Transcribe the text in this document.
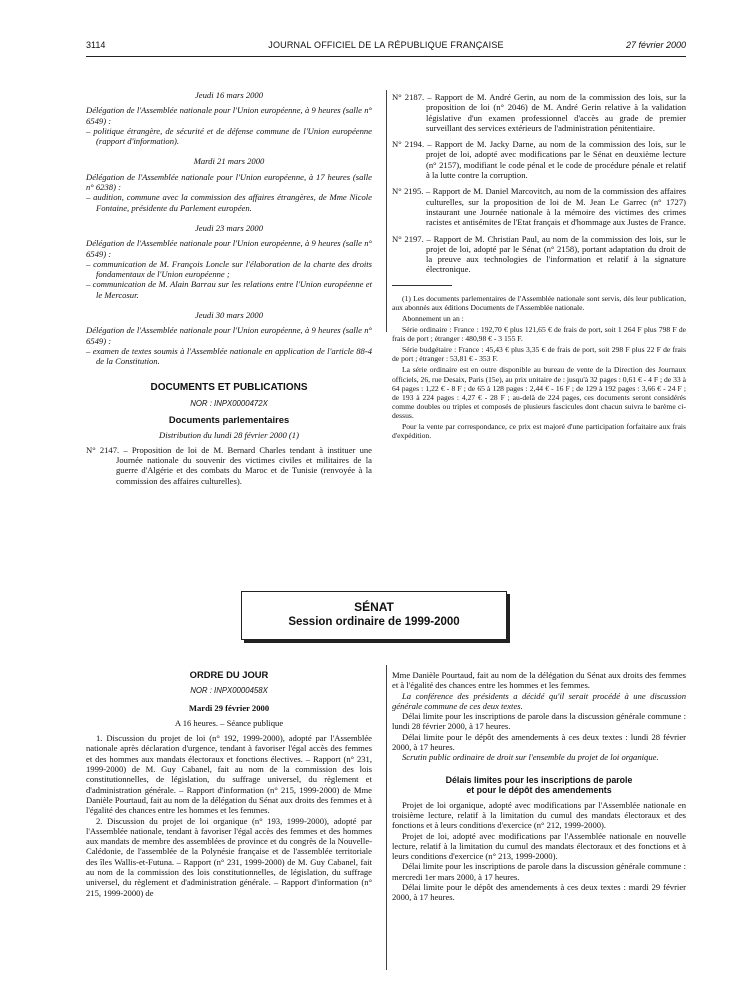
3114	JOURNAL OFFICIEL DE LA RÉPUBLIQUE FRANÇAISE	27 février 2000

Jeudi 16 mars 2000

Délégation de l'Assemblée nationale pour l'Union européenne, à 9 heures (salle n° 6549) :

– politique étrangère, de sécurité et de défense commune de l'Union européenne (rapport d'information).

Mardi 21 mars 2000

Délégation de l'Assemblée nationale pour l'Union européenne, à 17 heures (salle n° 6238) :

– audition, commune avec la commission des affaires étrangères, de Mme Nicole Fontaine, présidente du Parlement européen.

Jeudi 23 mars 2000

Délégation de l'Assemblée nationale pour l'Union européenne, à 9 heures (salle n° 6549) :

– communication de M. François Loncle sur l'élaboration de la charte des droits fondamentaux de l'Union européenne ;

– communication de M. Alain Barrau sur les relations entre l'Union européenne et le Mercosur.

Jeudi 30 mars 2000

Délégation de l'Assemblée nationale pour l'Union européenne, à 9 heures (salle n° 6549) :

– examen de textes soumis à l'Assemblée nationale en application de l'article 88-4 de la Constitution.

DOCUMENTS ET PUBLICATIONS

NOR : INPX0000472X

Documents parlementaires

Distribution du lundi 28 février 2000 (1)

N° 2147. – Proposition de loi de M. Bernard Charles tendant à instituer une Journée nationale du souvenir des victimes civiles et militaires de la guerre d'Algérie et des combats du Maroc et de Tunisie (renvoyée à la commission des affaires culturelles).

N° 2187. – Rapport de M. André Gerin, au nom de la commission des lois, sur la proposition de loi (n° 2046) de M. André Gerin relative à la validation législative d'un examen professionnel d'accès au grade de premier surveillant des services extérieurs de l'administration pénitentiaire.

N° 2194. – Rapport de M. Jacky Darne, au nom de la commission des lois, sur le projet de loi, adopté avec modifications par le Sénat en deuxième lecture (n° 2157), modifiant le code pénal et le code de procédure pénale et relatif à la lutte contre la corruption.

N° 2195. – Rapport de M. Daniel Marcovitch, au nom de la commission des affaires culturelles, sur la proposition de loi de M. Jean Le Garrec (n° 1727) instaurant une Journée nationale à la mémoire des victimes des crimes racistes et antisémites de l'Etat français et d'hommage aux Justes de France.

N° 2197. – Rapport de M. Christian Paul, au nom de la commission des lois, sur le projet de loi, adopté par le Sénat (n° 2158), portant adaptation du droit de la preuve aux technologies de l'information et relatif à la signature électronique.

(1) Les documents parlementaires de l'Assemblée nationale sont servis, dès leur publication, aux abonnés aux éditions Documents de l'Assemblée nationale.

Abonnement un an :

Série ordinaire : France : 192,70 € plus 121,65 € de frais de port, soit 1 264 F plus 798 F de frais de port ; étranger : 480,98 € - 3 155 F.

Série budgétaire : France : 45,43 € plus 3,35 € de frais de port, soit 298 F plus 22 F de frais de port ; étranger : 53,81 € - 353 F.

La série ordinaire est en outre disponible au bureau de vente de la Direction des Journaux officiels, 26, rue Desaix, Paris (15e), au prix unitaire de : jusqu'à 32 pages : 0,61 € - 4 F ; de 33 à 64 pages : 1,22 € - 8 F ; de 65 à 128 pages : 2,44 € - 16 F ; de 129 à 192 pages : 3,66 € - 24 F ; de 193 à 224 pages : 4,27 € - 28 F ; au-delà de 224 pages, ces documents seront considérés comme doubles ou triples et composés de plusieurs fascicules dont chacun suivra le barème ci-dessus.

Pour la vente par correspondance, ce prix est majoré d'une participation forfaitaire aux frais d'expédition.

SÉNAT
Session ordinaire de 1999-2000

ORDRE DU JOUR

NOR : INPX0000458X

Mardi 29 février 2000

A 16 heures. – Séance publique

1. Discussion du projet de loi (n° 192, 1999-2000), adopté par l'Assemblée nationale après déclaration d'urgence, tendant à favoriser l'égal accès des femmes et des hommes aux mandats électoraux et fonctions électives. – Rapport (n° 231, 1999-2000) de M. Guy Cabanel, fait au nom de la commission des lois constitutionnelles, de législation, du suffrage universel, du règlement et d'administration générale. – Rapport d'information (n° 215, 1999-2000) de Mme Danièle Pourtaud, fait au nom de la délégation du Sénat aux droits des femmes et à l'égalité des chances entre les hommes et les femmes.

2. Discussion du projet de loi organique (n° 193, 1999-2000), adopté par l'Assemblée nationale, tendant à favoriser l'égal accès des femmes et des hommes aux mandats de membre des assemblées de province et du congrès de la Nouvelle-Calédonie, de l'assemblée de la Polynésie française et de l'assemblée territoriale des îles Wallis-et-Futuna. – Rapport (n° 231, 1999-2000) de M. Guy Cabanel, fait au nom de la commission des lois constitutionnelles, de législation, du suffrage universel, du règlement et d'administration générale. – Rapport d'information (n° 215, 1999-2000) de

Mme Danièle Pourtaud, fait au nom de la délégation du Sénat aux droits des femmes et à l'égalité des chances entre les hommes et les femmes.

La conférence des présidents a décidé qu'il serait procédé à une discussion générale commune de ces deux textes.

Délai limite pour les inscriptions de parole dans la discussion générale commune : lundi 28 février 2000, à 17 heures.

Délai limite pour le dépôt des amendements à ces deux textes : lundi 28 février 2000, à 17 heures.

Scrutin public ordinaire de droit sur l'ensemble du projet de loi organique.

Délais limites pour les inscriptions de parole

et pour le dépôt des amendements

Projet de loi organique, adopté avec modifications par l'Assemblée nationale en troisième lecture, relatif à la limitation du cumul des mandats électoraux et des fonctions et à leurs conditions d'exercice (n° 212, 1999-2000).

Projet de loi, adopté avec modifications par l'Assemblée nationale en nouvelle lecture, relatif à la limitation du cumul des mandats électoraux et des fonctions et à leurs conditions d'exercice (n° 213, 1999-2000).

Délai limite pour les inscriptions de parole dans la discussion générale commune : mercredi 1er mars 2000, à 17 heures.

Délai limite pour le dépôt des amendements à ces deux textes : mardi 29 février 2000, à 17 heures.
